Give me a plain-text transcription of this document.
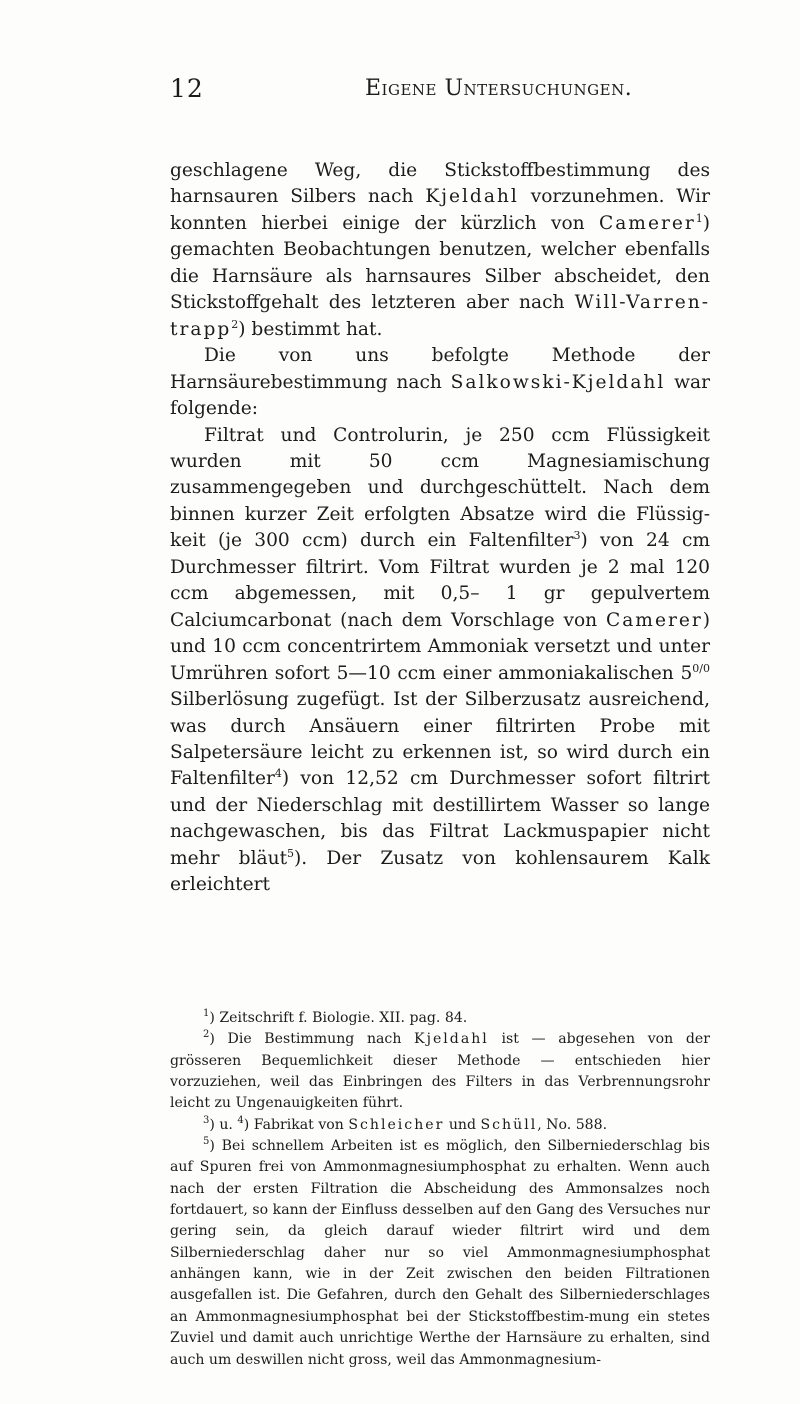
12	Eigene Untersuchungen.

geschlagene Weg, die Stickstoffbestimmung des harnsauren Silbers nach Kjeldahl vorzunehmen. Wir konnten hierbei einige der kürzlich von Camerer$^1$) gemachten Beobachtungen benutzen, welcher ebenfalls die Harnsäure als harnsaures Silber abscheidet, den Stickstoffgehalt des letzteren aber nach Will-Varren-trapp$^2$) bestimmt hat.

Die von uns befolgte Methode der Harnsäurebestimmung nach Salkowski-Kjeldahl war folgende:

Filtrat und Controlurin, je 250 ccm Flüssigkeit wurden mit 50 ccm Magnesiamischung zusammengegeben und durchgeschüttelt. Nach dem binnen kurzer Zeit erfolgten Absatze wird die Flüssig-keit (je 300 ccm) durch ein Faltenfilter$^3$) von 24 cm Durchmesser filtrirt. Vom Filtrat wurden je 2 mal 120 ccm abgemessen, mit 0,5– 1 gr gepulvertem Calciumcarbonat (nach dem Vorschlage von Camerer) und 10 ccm concentrirtem Ammoniak versetzt und unter Umrühren sofort 5—10 ccm einer ammoniakalischen $5^{0/0}$ Silberlösung zugefügt. Ist der Silberzusatz ausreichend, was durch Ansäuern einer filtrirten Probe mit Salpetersäure leicht zu erkennen ist, so wird durch ein Faltenfilter$^4$) von 12,52 cm Durchmesser sofort filtrirt und der Niederschlag mit destillirtem Wasser so lange nachgewaschen, bis das Filtrat Lackmuspapier nicht mehr bläut$^5$). Der Zusatz von kohlensaurem Kalk erleichtert

$^1$) Zeitschrift f. Biologie. XII. pag. 84.

$^2$) Die Bestimmung nach Kjeldahl ist — abgesehen von der grösseren Bequemlichkeit dieser Methode — entschieden hier vorzuziehen, weil das Einbringen des Filters in das Verbrennungsrohr leicht zu Ungenauigkeiten führt.

$^3$) u. $^4$) Fabrikat von Schleicher und Schüll, No. 588.

$^5$) Bei schnellem Arbeiten ist es möglich, den Silberniederschlag bis auf Spuren frei von Ammonmagnesiumphosphat zu erhalten. Wenn auch nach der ersten Filtration die Abscheidung des Ammonsalzes noch fortdauert, so kann der Einfluss desselben auf den Gang des Versuches nur gering sein, da gleich darauf wieder filtrirt wird und dem Silberniederschlag daher nur so viel Ammonmagnesiumphosphat anhängen kann, wie in der Zeit zwischen den beiden Filtrationen ausgefallen ist. Die Gefahren, durch den Gehalt des Silberniederschlages an Ammonmagnesiumphosphat bei der Stickstoffbestim-mung ein stetes Zuviel und damit auch unrichtige Werthe der Harnsäure zu erhalten, sind auch um deswillen nicht gross, weil das Ammonmagnesium-
